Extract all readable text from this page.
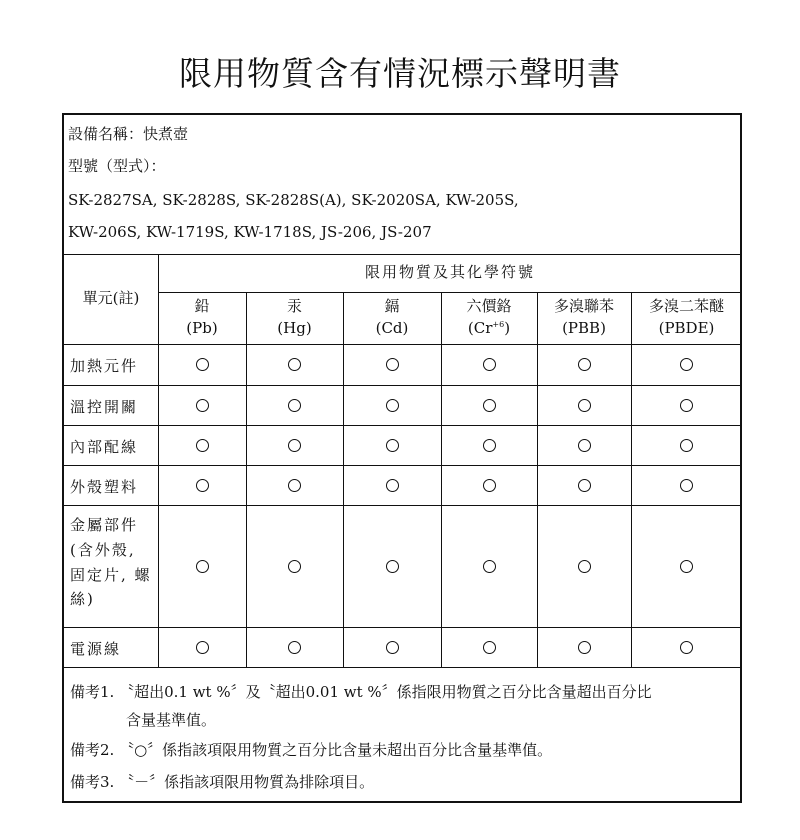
限用物質含有情況標示聲明書
設備名稱：快煮壺
型號（型式）：
SK-2827SA, SK-2828S, SK-2828S(A), SK-2020SA, KW-205S,
KW-206S, KW-1719S, KW-1718S, JS-206, JS-207
單元(註)
限用物質及其化學符號
鉛
(Pb)
汞
(Hg)
鎘
(Cd)
六價鉻
$(Cr^{+6})$
多溴聯苯
(PBB)
多溴二苯醚
(PBDE)
加熱元件
溫控開關
內部配線
外殼塑料
金屬部件
(含外殼,
固定片, 螺
絲)
電源線
備考1. 〝超出0.1 wt %〞及〝超出0.01 wt %〞係指限用物質之百分比含量超出百分比
含量基準值。
備考2. 〝○〞係指該項限用物質之百分比含量未超出百分比含量基準值。
備考3. 〝－〞係指該項限用物質為排除項目。
